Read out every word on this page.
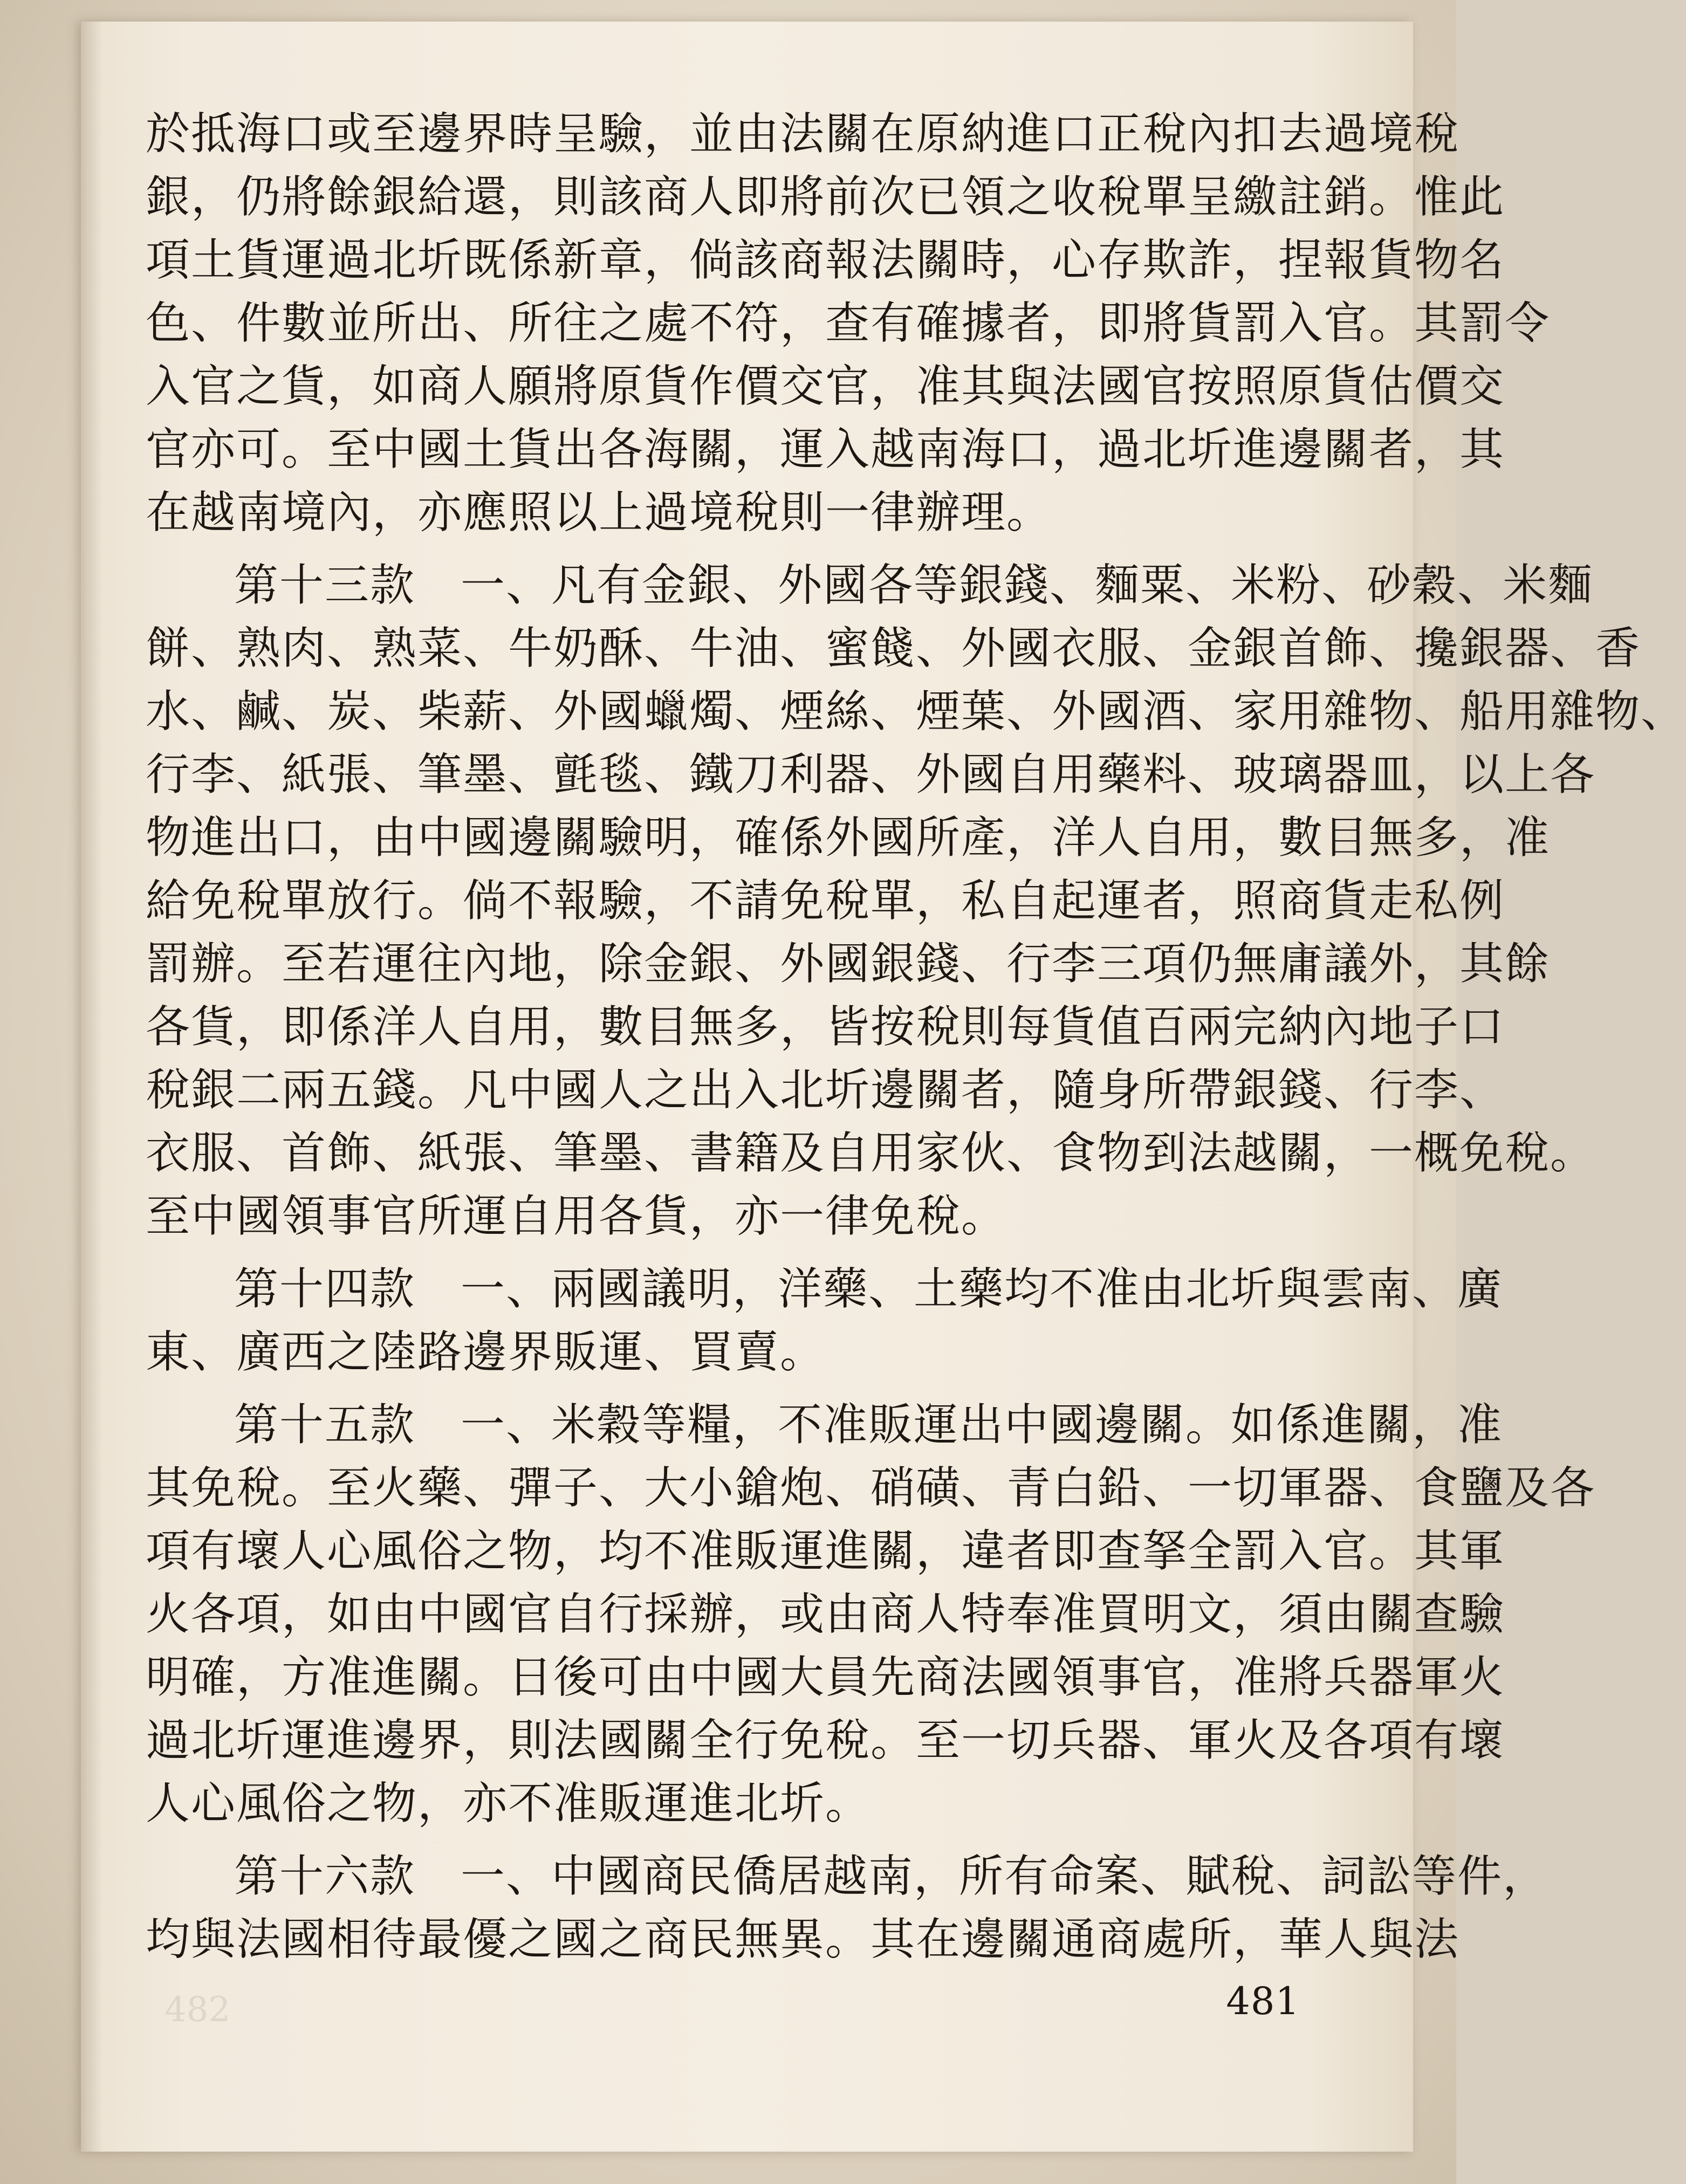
於抵海口或至邊界時呈驗，並由法關在原納進口正稅內扣去過境稅
銀，仍將餘銀給還，則該商人即將前次已領之收稅單呈繳註銷。惟此
項土貨運過北圻既係新章，倘該商報法關時，心存欺詐，捏報貨物名
色、件數並所出、所往之處不符，查有確據者，即將貨罰入官。其罰令
入官之貨，如商人願將原貨作價交官，准其與法國官按照原貨估價交
官亦可。至中國土貨出各海關，運入越南海口，過北圻進邊關者，其
在越南境內，亦應照以上過境稅則一律辦理。
第十三款　一、凡有金銀、外國各等銀錢、麵粟、米粉、砂穀、米麵
餅、熟肉、熟菜、牛奶酥、牛油、蜜餞、外國衣服、金銀首飾、攙銀器、香
水、鹹、炭、柴薪、外國蠟燭、煙絲、煙葉、外國酒、家用雜物、船用雜物、
行李、紙張、筆墨、氈毯、鐵刀利器、外國自用藥料、玻璃器皿，以上各
物進出口，由中國邊關驗明，確係外國所產，洋人自用，數目無多，准
給免稅單放行。倘不報驗，不請免稅單，私自起運者，照商貨走私例
罰辦。至若運往內地，除金銀、外國銀錢、行李三項仍無庸議外，其餘
各貨，即係洋人自用，數目無多，皆按稅則每貨值百兩完納內地子口
稅銀二兩五錢。凡中國人之出入北圻邊關者，隨身所帶銀錢、行李、
衣服、首飾、紙張、筆墨、書籍及自用家伙、食物到法越關，一概免稅。
至中國領事官所運自用各貨，亦一律免稅。
第十四款　一、兩國議明，洋藥、土藥均不准由北圻與雲南、廣
東、廣西之陸路邊界販運、買賣。
第十五款　一、米穀等糧，不准販運出中國邊關。如係進關，准
其免稅。至火藥、彈子、大小鎗炮、硝磺、青白鉛、一切軍器、食鹽及各
項有壞人心風俗之物，均不准販運進關，違者即查拏全罰入官。其軍
火各項，如由中國官自行採辦，或由商人特奉准買明文，須由關查驗
明確，方准進關。日後可由中國大員先商法國領事官，准將兵器軍火
過北圻運進邊界，則法國關全行免稅。至一切兵器、軍火及各項有壞
人心風俗之物，亦不准販運進北圻。
第十六款　一、中國商民僑居越南，所有命案、賦稅、詞訟等件，
均與法國相待最優之國之商民無異。其在邊關通商處所，華人與法
482	481
